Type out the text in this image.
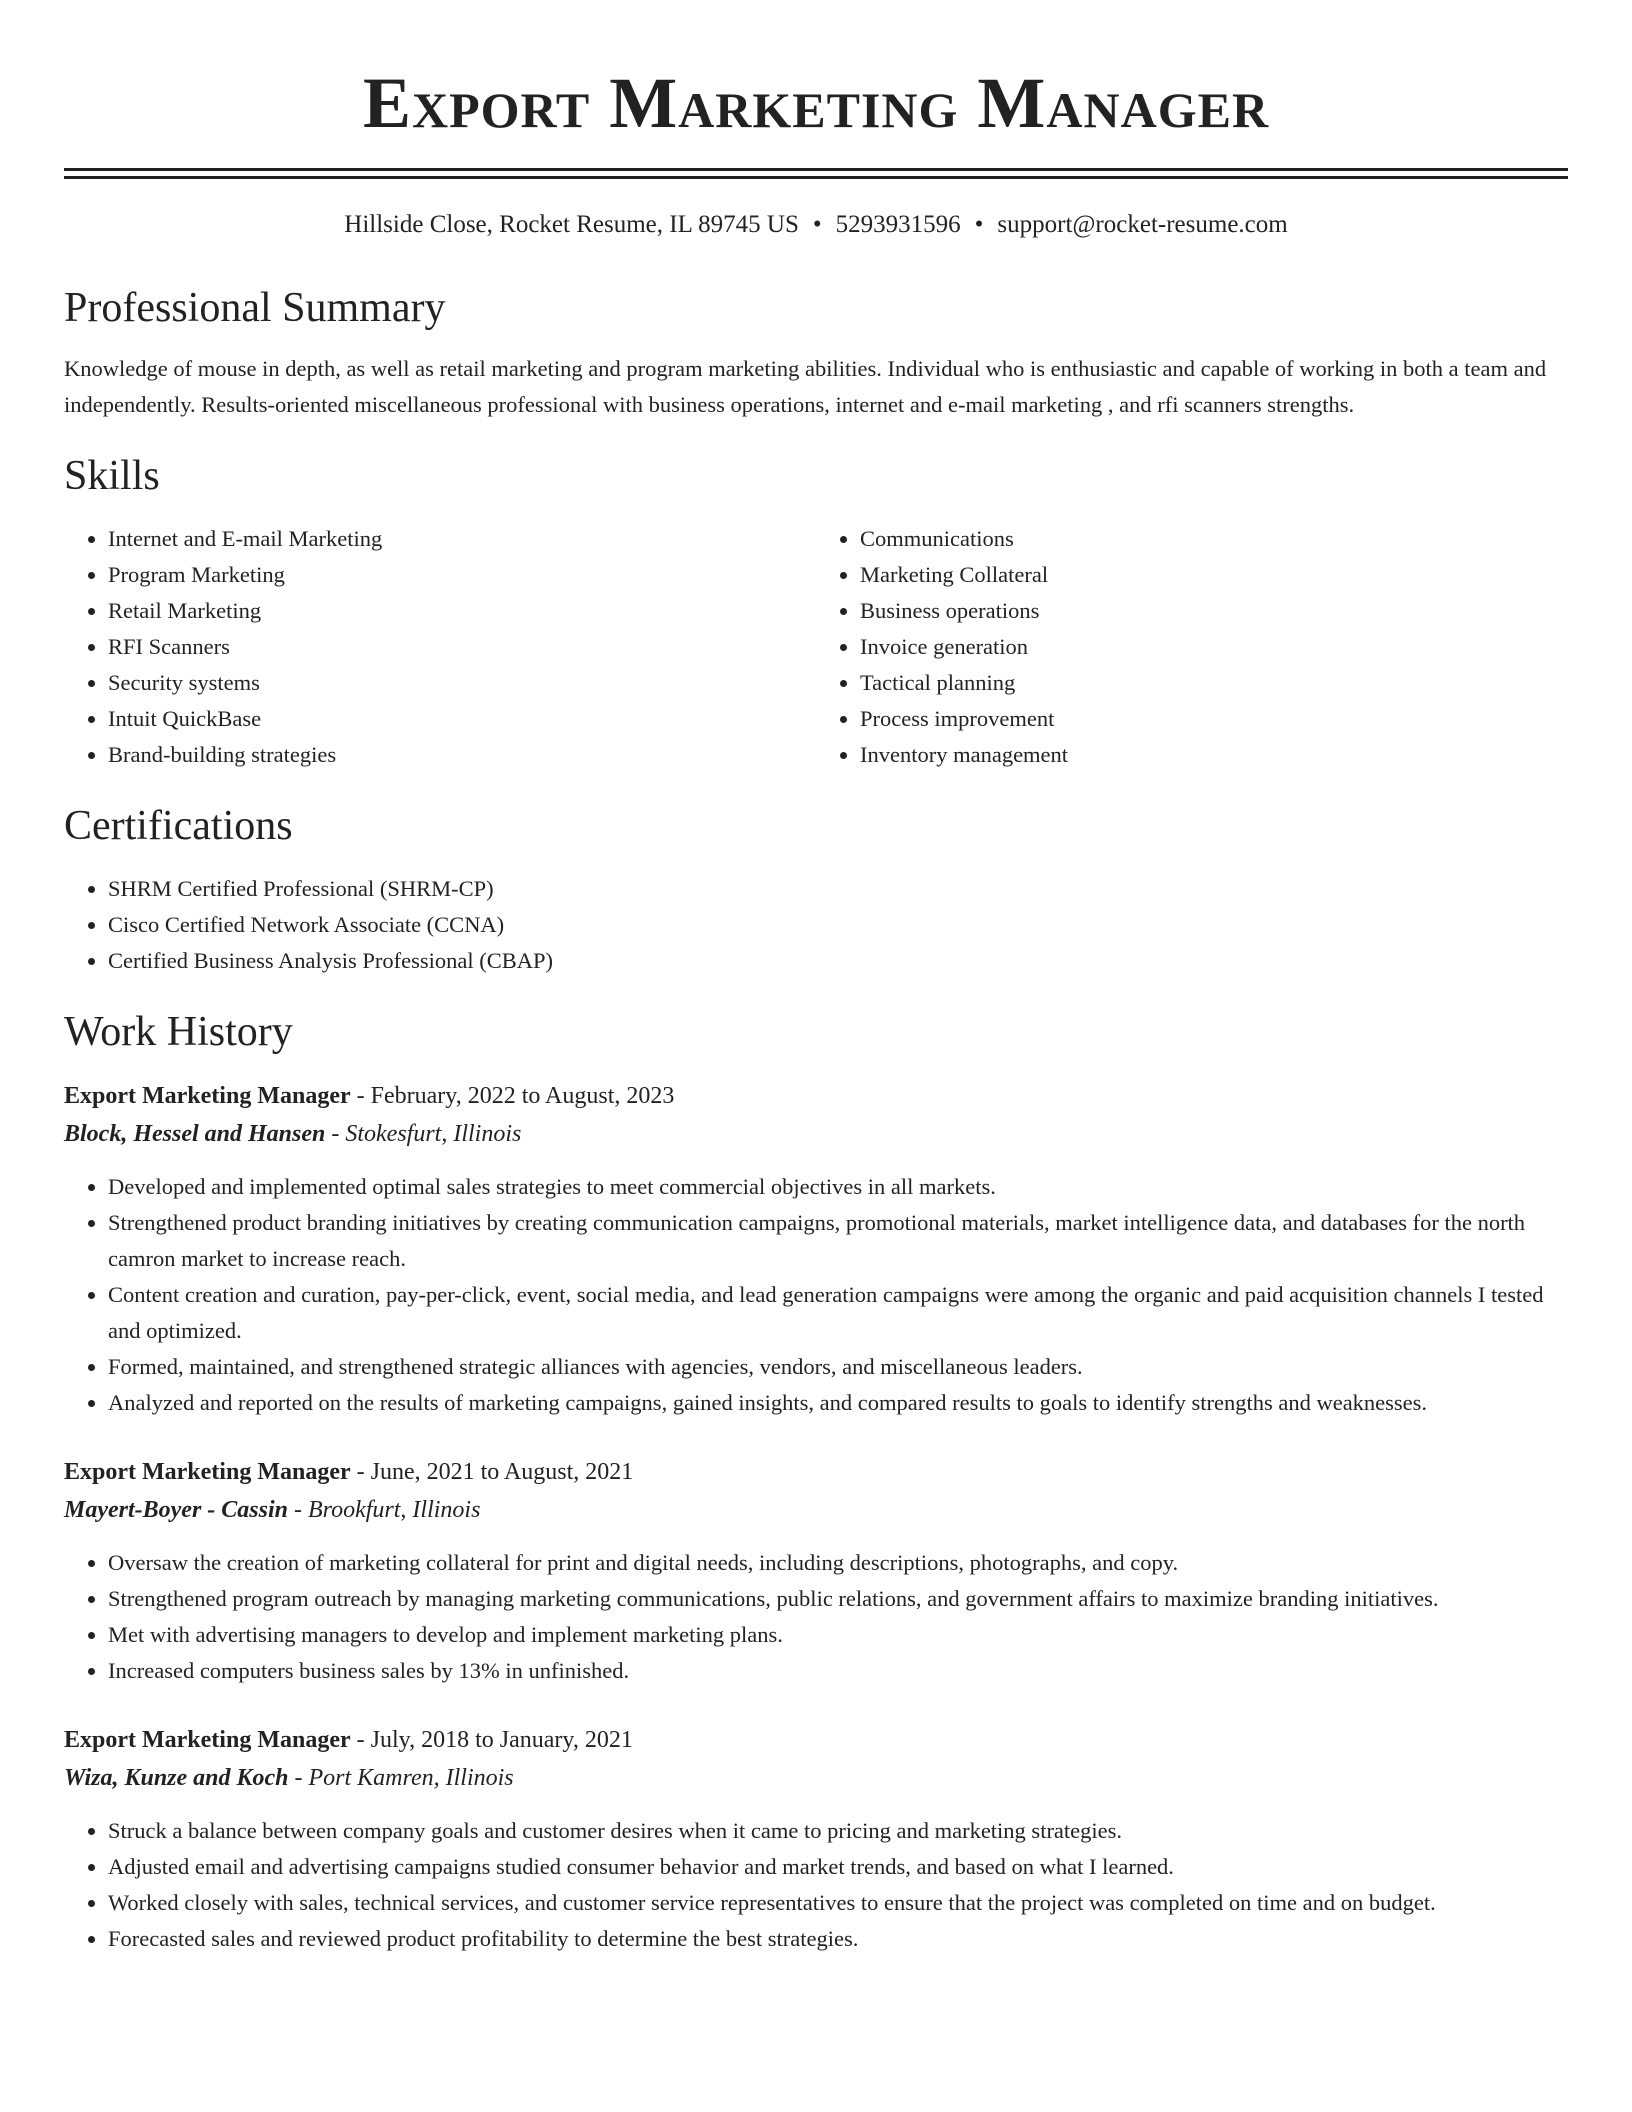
Export Marketing Manager
Hillside Close, Rocket Resume, IL 89745 US • 5293931596 • support@rocket-resume.com
Professional Summary
Knowledge of mouse in depth, as well as retail marketing and program marketing abilities. Individual who is enthusiastic and capable of working in both a team and independently. Results-oriented miscellaneous professional with business operations, internet and e-mail marketing , and rfi scanners strengths.
Skills
• Internet and E-mail Marketing
• Program Marketing
• Retail Marketing
• RFI Scanners
• Security systems
• Intuit QuickBase
• Brand-building strategies
• Communications
• Marketing Collateral
• Business operations
• Invoice generation
• Tactical planning
• Process improvement
• Inventory management
Certifications
• SHRM Certified Professional (SHRM-CP)
• Cisco Certified Network Associate (CCNA)
• Certified Business Analysis Professional (CBAP)
Work History
Export Marketing Manager - February, 2022 to August, 2023
Block, Hessel and Hansen - Stokesfurt, Illinois
• Developed and implemented optimal sales strategies to meet commercial objectives in all markets.
• Strengthened product branding initiatives by creating communication campaigns, promotional materials, market intelligence data, and databases for the north camron market to increase reach.
• Content creation and curation, pay-per-click, event, social media, and lead generation campaigns were among the organic and paid acquisition channels I tested and optimized.
• Formed, maintained, and strengthened strategic alliances with agencies, vendors, and miscellaneous leaders.
• Analyzed and reported on the results of marketing campaigns, gained insights, and compared results to goals to identify strengths and weaknesses.
Export Marketing Manager - June, 2021 to August, 2021
Mayert-Boyer - Cassin - Brookfurt, Illinois
• Oversaw the creation of marketing collateral for print and digital needs, including descriptions, photographs, and copy.
• Strengthened program outreach by managing marketing communications, public relations, and government affairs to maximize branding initiatives.
• Met with advertising managers to develop and implement marketing plans.
• Increased computers business sales by 13% in unfinished.
Export Marketing Manager - July, 2018 to January, 2021
Wiza, Kunze and Koch - Port Kamren, Illinois
• Struck a balance between company goals and customer desires when it came to pricing and marketing strategies.
• Adjusted email and advertising campaigns studied consumer behavior and market trends, and based on what I learned.
• Worked closely with sales, technical services, and customer service representatives to ensure that the project was completed on time and on budget.
• Forecasted sales and reviewed product profitability to determine the best strategies.
